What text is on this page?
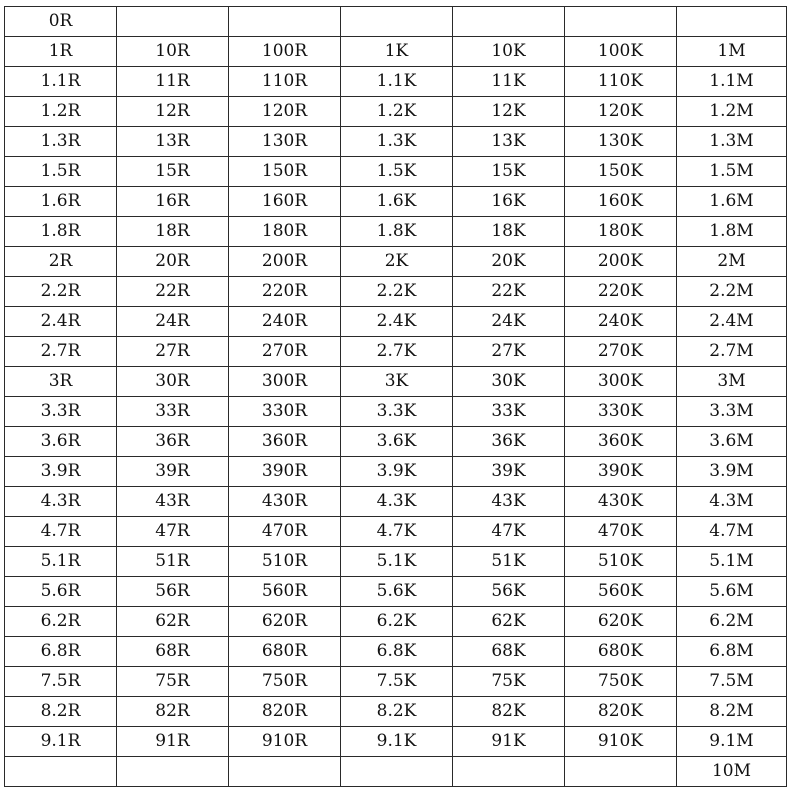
0R						
1R	10R	100R	1K	10K	100K	1M
1.1R	11R	110R	1.1K	11K	110K	1.1M
1.2R	12R	120R	1.2K	12K	120K	1.2M
1.3R	13R	130R	1.3K	13K	130K	1.3M
1.5R	15R	150R	1.5K	15K	150K	1.5M
1.6R	16R	160R	1.6K	16K	160K	1.6M
1.8R	18R	180R	1.8K	18K	180K	1.8M
2R	20R	200R	2K	20K	200K	2M
2.2R	22R	220R	2.2K	22K	220K	2.2M
2.4R	24R	240R	2.4K	24K	240K	2.4M
2.7R	27R	270R	2.7K	27K	270K	2.7M
3R	30R	300R	3K	30K	300K	3M
3.3R	33R	330R	3.3K	33K	330K	3.3M
3.6R	36R	360R	3.6K	36K	360K	3.6M
3.9R	39R	390R	3.9K	39K	390K	3.9M
4.3R	43R	430R	4.3K	43K	430K	4.3M
4.7R	47R	470R	4.7K	47K	470K	4.7M
5.1R	51R	510R	5.1K	51K	510K	5.1M
5.6R	56R	560R	5.6K	56K	560K	5.6M
6.2R	62R	620R	6.2K	62K	620K	6.2M
6.8R	68R	680R	6.8K	68K	680K	6.8M
7.5R	75R	750R	7.5K	75K	750K	7.5M
8.2R	82R	820R	8.2K	82K	820K	8.2M
9.1R	91R	910R	9.1K	91K	910K	9.1M
						10M
